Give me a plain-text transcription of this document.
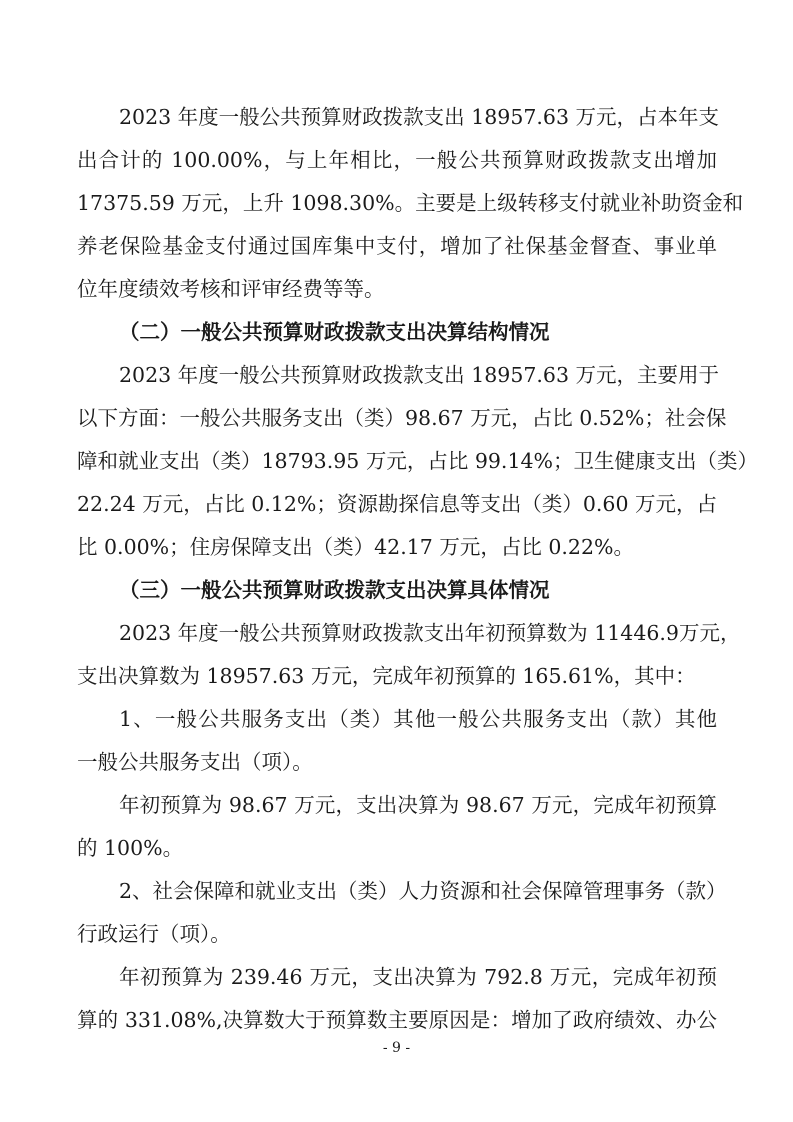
2023 年度一般公共预算财政拨款支出 18957.63 万元，占本年支
出合计的 100.00%，与上年相比，一般公共预算财政拨款支出增加
17375.59 万元，上升 1098.30%。主要是上级转移支付就业补助资金和
养老保险基金支付通过国库集中支付，增加了社保基金督查、事业单
位年度绩效考核和评审经费等等。
（二）一般公共预算财政拨款支出决算结构情况
2023 年度一般公共预算财政拨款支出 18957.63 万元，主要用于
以下方面：一般公共服务支出（类）98.67 万元，占比 0.52%；社会保
障和就业支出（类）18793.95 万元，占比 99.14%；卫生健康支出（类）
22.24 万元，占比 0.12%；资源勘探信息等支出（类）0.60 万元，占
比 0.00%；住房保障支出（类）42.17 万元，占比 0.22%。
（三）一般公共预算财政拨款支出决算具体情况
2023 年度一般公共预算财政拨款支出年初预算数为 11446.9万元，
支出决算数为 18957.63 万元，完成年初预算的 165.61%，其中：
1、一般公共服务支出（类）其他一般公共服务支出（款）其他
一般公共服务支出（项）。
年初预算为 98.67 万元，支出决算为 98.67 万元，完成年初预算
的 100%。
2、社会保障和就业支出（类）人力资源和社会保障管理事务（款）
行政运行（项）。
年初预算为 239.46 万元，支出决算为 792.8 万元，完成年初预
算的 331.08%,决算数大于预算数主要原因是：增加了政府绩效、办公
- 9 -
